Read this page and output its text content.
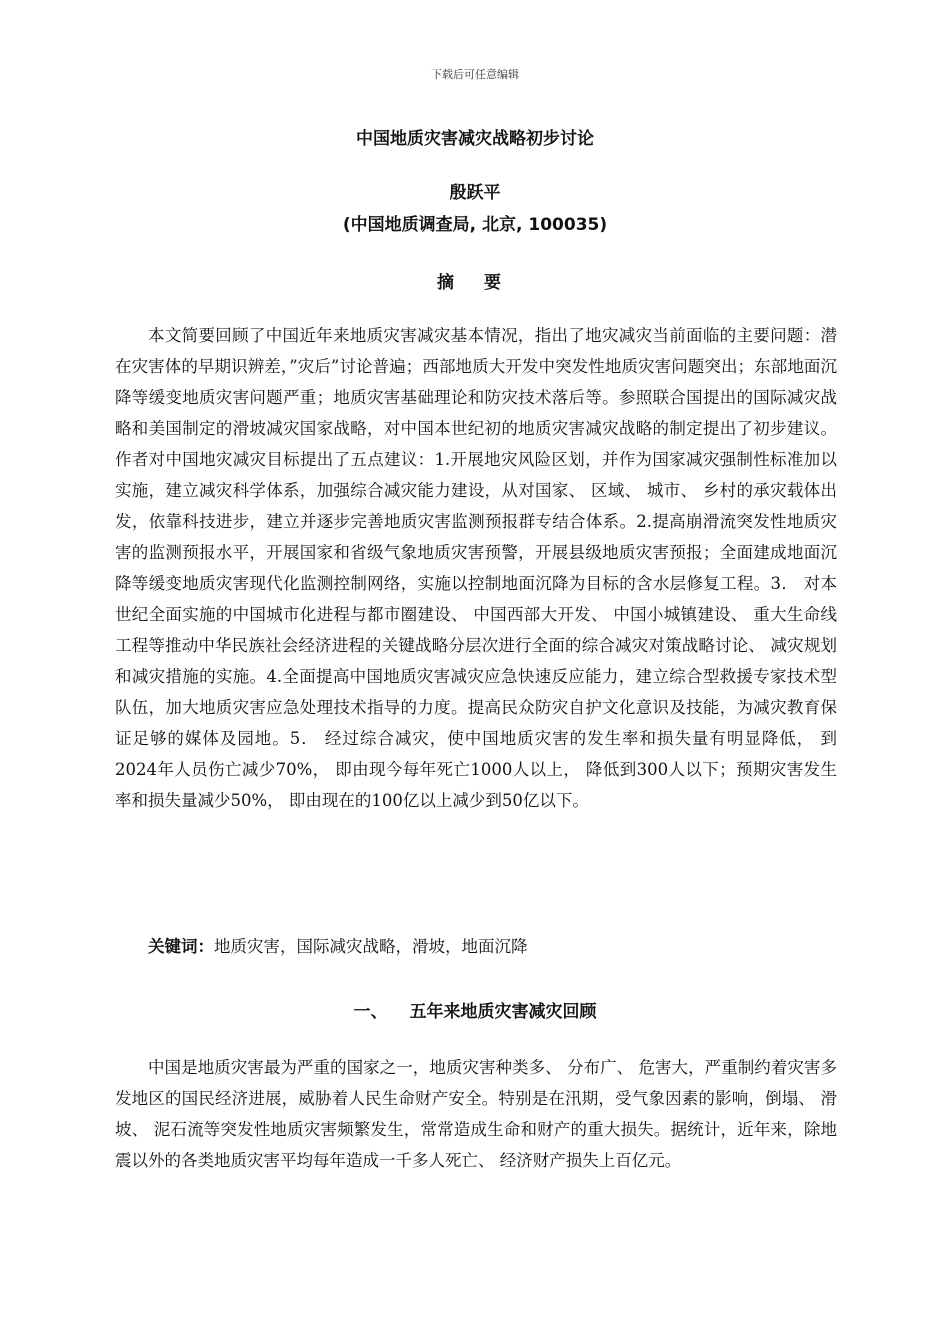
下载后可任意编辑
中国地质灾害减灾战略初步讨论
殷跃平
(中国地质调查局, 北京, 100035)
摘 要

本文简要回顾了中国近年来地质灾害减灾基本情况，指出了地灾减灾当前面临的主要问题：潜在灾害体的早期识辨差，”灾后”讨论普遍；西部地质大开发中突发性地质灾害问题突出；东部地面沉降等缓变地质灾害问题严重；地质灾害基础理论和防灾技术落后等。参照联合国提出的国际减灾战略和美国制定的滑坡减灾国家战略，对中国本世纪初的地质灾害减灾战略的制定提出了初步建议。作者对中国地灾减灾目标提出了五点建议：1.开展地灾风险区划，并作为国家减灾强制性标准加以实施，建立减灾科学体系，加强综合减灾能力建设，从对国家、 区域、 城市、 乡村的承灾载体出发，依靠科技进步，建立并逐步完善地质灾害监测预报群专结合体系。2.提高崩滑流突发性地质灾害的监测预报水平，开展国家和省级气象地质灾害预警，开展县级地质灾害预报；全面建成地面沉降等缓变地质灾害现代化监测控制网络，实施以控制地面沉降为目标的含水层修复工程。3． 对本世纪全面实施的中国城市化进程与都市圈建设、 中国西部大开发、 中国小城镇建设、 重大生命线工程等推动中华民族社会经济进程的关键战略分层次进行全面的综合减灾对策战略讨论、 减灾规划和减灾措施的实施。4.全面提高中国地质灾害减灾应急快速反应能力，建立综合型救援专家技术型队伍，加大地质灾害应急处理技术指导的力度。提高民众防灾自护文化意识及技能，为减灾教育保证足够的媒体及园地。5． 经过综合减灾，使中国地质灾害的发生率和损失量有明显降低， 到2024年人员伤亡减少70%， 即由现今每年死亡1000人以上， 降低到300人以下；预期灾害发生率和损失量减少50%， 即由现在的100亿以上减少到50亿以下。

关键词：地质灾害，国际减灾战略，滑坡，地面沉降
一、 五年来地质灾害减灾回顾

中国是地质灾害最为严重的国家之一，地质灾害种类多、 分布广、 危害大，严重制约着灾害多发地区的国民经济进展，威胁着人民生命财产安全。特别是在汛期，受气象因素的影响，倒塌、 滑坡、 泥石流等突发性地质灾害频繁发生，常常造成生命和财产的重大损失。据统计，近年来，除地震以外的各类地质灾害平均每年造成一千多人死亡、 经济财产损失上百亿元。
